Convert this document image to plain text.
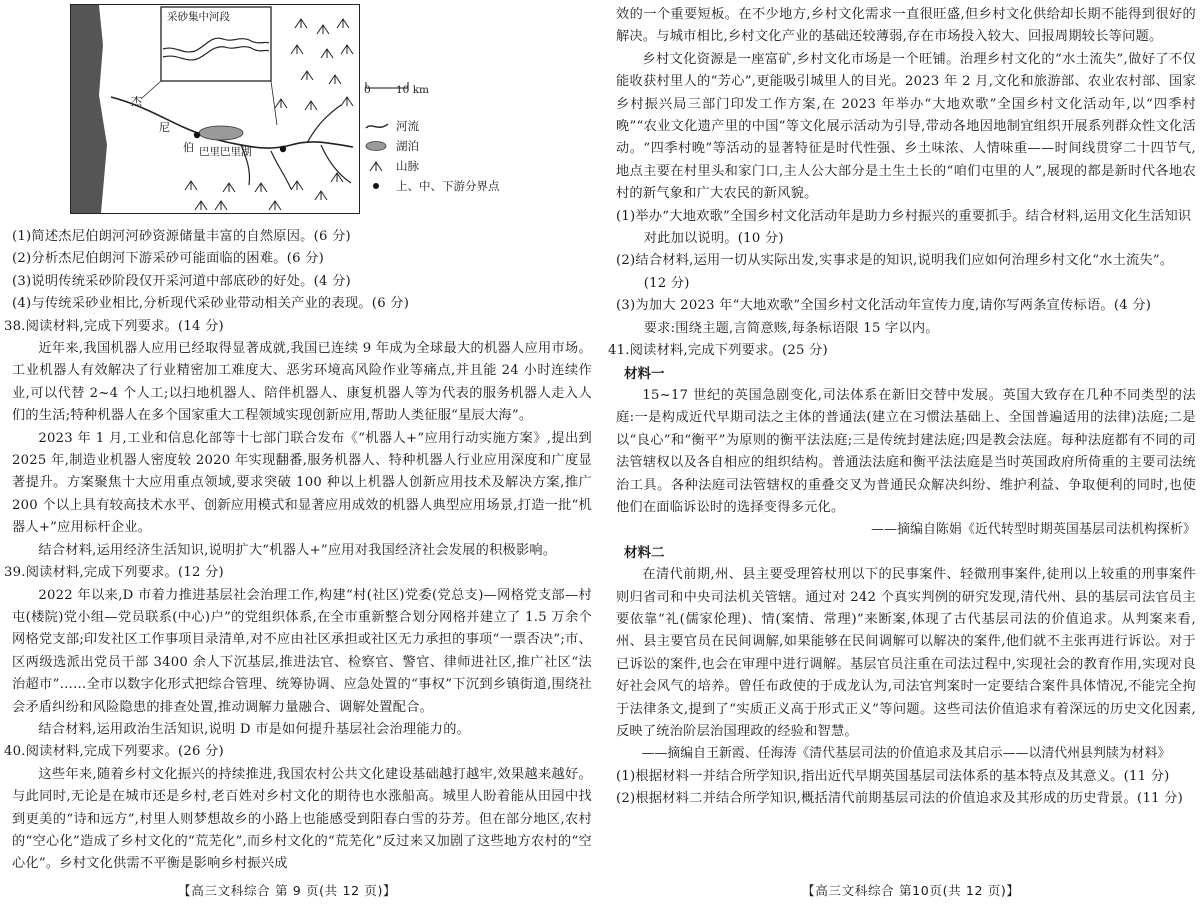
杰
尼
伯 巴里巴里湖
采砂集中河段
0 10 km
河流
湖泊
山脉
上、中、下游分界点

(1)简述杰尼伯朗河河砂资源储量丰富的自然原因。(6 分)

(2)分析杰尼伯朗河下游采砂可能面临的困难。(6 分)

(3)说明传统采砂阶段仅开采河道中部底砂的好处。(4 分)

(4)与传统采砂业相比,分析现代采砂业带动相关产业的表现。(6 分)

38.阅读材料,完成下列要求。(14 分)

近年来,我国机器人应用已经取得显著成就,我国已连续 9 年成为全球最大的机器人应用市场。工业机器人有效解决了行业精密加工难度大、恶劣环境高风险作业等痛点,并且能 24 小时连续作业,可以代替 2~4 个人工;以扫地机器人、陪伴机器人、康复机器人等为代表的服务机器人走入人们的生活;特种机器人在多个国家重大工程领域实现创新应用,帮助人类征服“星辰大海”。

2023 年 1 月,工业和信息化部等十七部门联合发布《“机器人+”应用行动实施方案》,提出到 2025 年,制造业机器人密度较 2020 年实现翻番,服务机器人、特种机器人行业应用深度和广度显著提升。方案聚焦十大应用重点领域,要求突破 100 种以上机器人创新应用技术及解决方案,推广 200 个以上具有较高技术水平、创新应用模式和显著应用成效的机器人典型应用场景,打造一批“机器人+”应用标杆企业。

结合材料,运用经济生活知识,说明扩大“机器人+”应用对我国经济社会发展的积极影响。

39.阅读材料,完成下列要求。(12 分)

2022 年以来,D 市着力推进基层社会治理工作,构建“村(社区)党委(党总支)—网格党支部—村屯(楼院)党小组—党员联系(中心)户”的党组织体系,在全市重新整合划分网格并建立了 1.5 万余个网格党支部;印发社区工作事项目录清单,对不应由社区承担或社区无力承担的事项“一票否决”;市、区两级选派出党员干部 3400 余人下沉基层,推进法官、检察官、警官、律师进社区,推广社区“法治超市”……全市以数字化形式把综合管理、统筹协调、应急处置的“事权”下沉到乡镇街道,围绕社会矛盾纠纷和风险隐患的排查处置,推动调解力量融合、调解处置配合。

结合材料,运用政治生活知识,说明 D 市是如何提升基层社会治理能力的。

40.阅读材料,完成下列要求。(26 分)

这些年来,随着乡村文化振兴的持续推进,我国农村公共文化建设基础越打越牢,效果越来越好。与此同时,无论是在城市还是乡村,老百姓对乡村文化的期待也水涨船高。城里人盼着能从田园中找到更美的“诗和远方”,村里人则梦想故乡的小路上也能感受到阳春白雪的芬芳。但在部分地区,农村的“空心化”造成了乡村文化的“荒芜化”,而乡村文化的“荒芜化”反过来又加剧了这些地方农村的“空心化”。乡村文化供需不平衡是影响乡村振兴成

【高三文科综合 第 9 页(共 12 页)】

效的一个重要短板。在不少地方,乡村文化需求一直很旺盛,但乡村文化供给却长期不能得到很好的解决。与城市相比,乡村文化产业的基础还较薄弱,存在市场投入较大、回报周期较长等问题。

乡村文化资源是一座富矿,乡村文化市场是一个旺铺。治理乡村文化的“水土流失”,做好了不仅能收获村里人的“芳心”,更能吸引城里人的目光。2023 年 2 月,文化和旅游部、农业农村部、国家乡村振兴局三部门印发工作方案,在 2023 年举办“大地欢歌”全国乡村文化活动年,以“四季村晚”“农业文化遗产里的中国”等文化展示活动为引导,带动各地因地制宜组织开展系列群众性文化活动。“四季村晚”等活动的显著特征是时代性强、乡土味浓、人情味重——时间线贯穿二十四节气,地点主要在村里头和家门口,主人公大部分是土生土长的“咱们屯里的人”,展现的都是新时代各地农村的新气象和广大农民的新风貌。

(1)举办“大地欢歌”全国乡村文化活动年是助力乡村振兴的重要抓手。结合材料,运用文化生活知识对此加以说明。(10 分)

(2)结合材料,运用一切从实际出发,实事求是的知识,说明我们应如何治理乡村文化“水土流失”。(12 分)

(3)为加大 2023 年“大地欢歌”全国乡村文化活动年宣传力度,请你写两条宣传标语。(4 分)

要求:围绕主题,言简意赅,每条标语限 15 字以内。

41.阅读材料,完成下列要求。(25 分)

材料一

15~17 世纪的英国急剧变化,司法体系在新旧交替中发展。英国大致存在几种不同类型的法庭:一是构成近代早期司法之主体的普通法(建立在习惯法基础上、全国普遍适用的法律)法庭;二是以“良心”和“衡平”为原则的衡平法法庭;三是传统封建法庭;四是教会法庭。每种法庭都有不同的司法管辖权以及各自相应的组织结构。普通法法庭和衡平法法庭是当时英国政府所倚重的主要司法统治工具。各种法庭司法管辖权的重叠交叉为普通民众解决纠纷、维护利益、争取便利的同时,也使他们在面临诉讼时的选择变得多元化。

——摘编自陈娟《近代转型时期英国基层司法机构探析》

材料二

在清代前期,州、县主要受理笞杖刑以下的民事案件、轻微刑事案件,徒刑以上较重的刑事案件则归省司和中央司法机关管辖。通过对 242 个真实判例的研究发现,清代州、县的基层司法官员主要依靠“礼(儒家伦理)、情(案情、常理)”来断案,体现了古代基层司法的价值追求。从判案来看,州、县主要官员在民间调解,如果能够在民间调解可以解决的案件,他们就不主张再进行诉讼。对于已诉讼的案件,也会在审理中进行调解。基层官员注重在司法过程中,实现社会的教育作用,实现对良好社会风气的培养。曾任布政使的于成龙认为,司法官判案时一定要结合案件具体情况,不能完全拘于法律条文,提到了“实质正义高于形式正义”等问题。这些司法价值追求有着深远的历史文化因素,反映了统治阶层治国理政的经验和智慧。

——摘编自王新霞、任海涛《清代基层司法的价值追求及其启示——以清代州县判牍为材料》

(1)根据材料一并结合所学知识,指出近代早期英国基层司法体系的基本特点及其意义。(11 分)

(2)根据材料二并结合所学知识,概括清代前期基层司法的价值追求及其形成的历史背景。(11 分)

【高三文科综合 第10页(共 12 页)】
